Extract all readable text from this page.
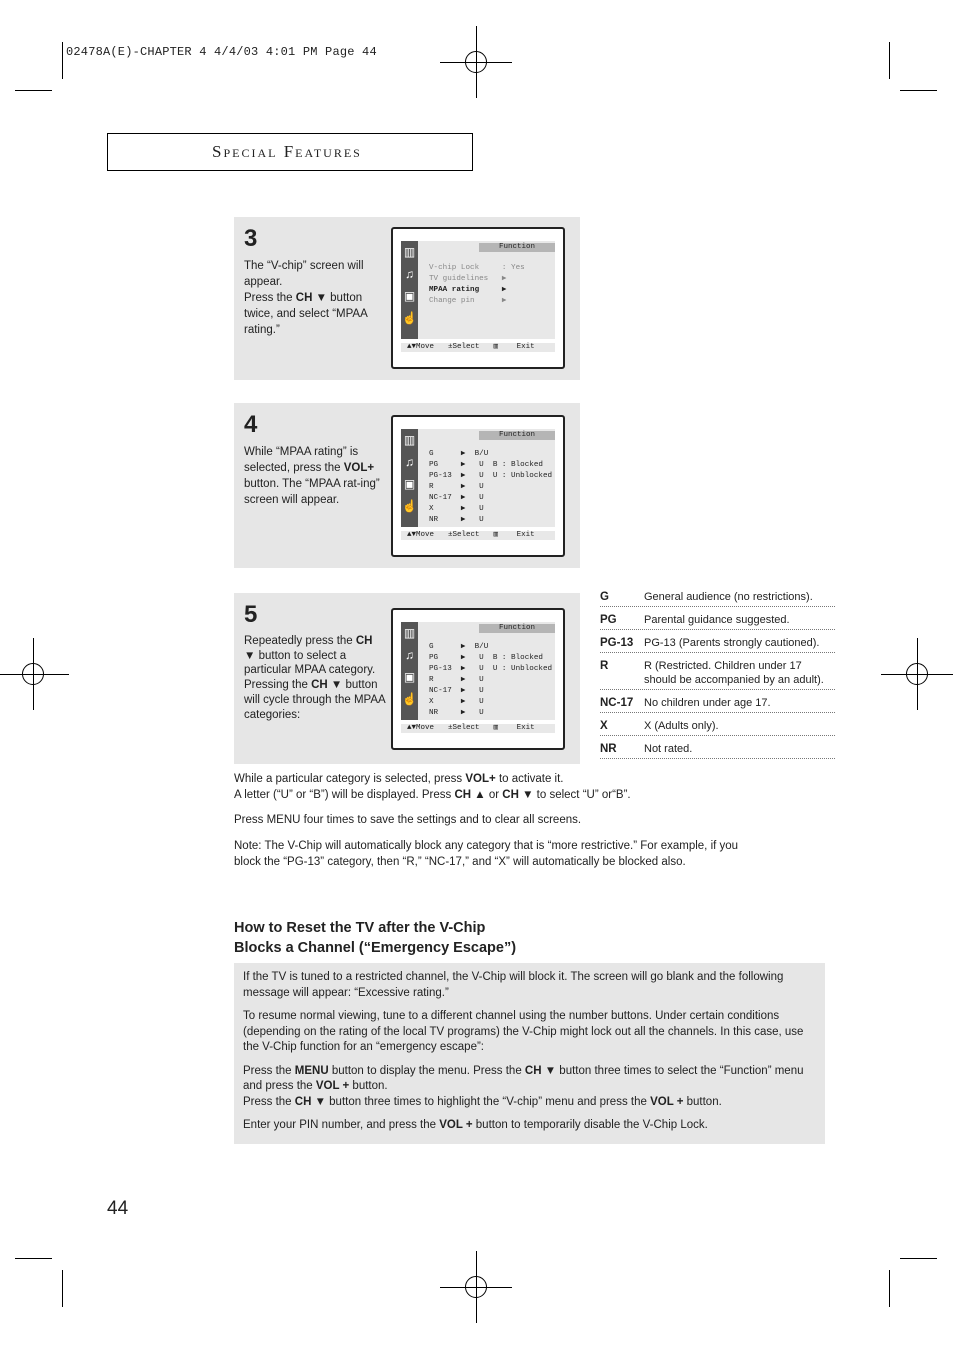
02478A(E)-CHAPTER 4 4/4/03 4:01 PM Page 44
Special Features
3
The “V-chip” screen will appear.
Press the CH ▼ button twice, and select “MPAA rating.”
▥
♫
▣
☝
Function
V-chip Lock     : Yes
TV guidelines   ▶
MPAA rating     ▶
Change pin      ▶
▲▼Move ±Select ▥ Exit
4
While “MPAA rating” is selected, press the VOL+ button. The “MPAA rat-ing” screen will appear.
▥
♫
▣
☝
Function
G      ▶  B/U
PG     ▶   U  B : Blocked
PG-13  ▶   U  U : Unblocked
R      ▶   U
NC-17  ▶   U
X      ▶   U
NR     ▶   U
▲▼Move ±Select ▥ Exit
5
Repeatedly press the CH ▼ button to select a particular MPAA category. Pressing the CH ▼ button will cycle through the MPAA categories:
▥
♫
▣
☝
Function
G      ▶  B/U
PG     ▶   U  B : Blocked
PG-13  ▶   U  U : Unblocked
R      ▶   U
NC-17  ▶   U
X      ▶   U
NR     ▶   U
▲▼Move ±Select ▥ Exit
G	General audience (no restrictions).
PG	Parental guidance suggested.
PG-13 PG-13 (Parents strongly cautioned).
R	R (Restricted. Children under 17 should be accompanied by an adult).
NC-17 No children under age 17.
X	X (Adults only).
NR	Not rated.
While a particular category is selected, press VOL+ to activate it.
A letter (“U” or “B”) will be displayed. Press CH ▲ or CH ▼ to select “U” or“B”.
Press MENU four times to save the settings and to clear all screens.
Note: The V-Chip will automatically block any category that is “more restrictive.” For example, if you block the “PG-13” category, then “R,” “NC-17,” and “X” will automatically be blocked also.
How to Reset the TV after the V-Chip
Blocks a Channel (“Emergency Escape”)

If the TV is tuned to a restricted channel, the V-Chip will block it. The screen will go blank and the following message will appear: “Excessive rating.”

To resume normal viewing, tune to a different channel using the number buttons. Under certain conditions (depending on the rating of the local TV programs) the V-Chip might lock out all the channels. In this case, use the V-Chip function for an “emergency escape”:

Press the MENU button to display the menu. Press the CH ▼ button three times to select the “Function” menu and press the VOL + button.

Press the CH ▼ button three times to highlight the “V-chip” menu and press the VOL + button.

Enter your PIN number, and press the VOL + button to temporarily disable the V-Chip Lock.

44
